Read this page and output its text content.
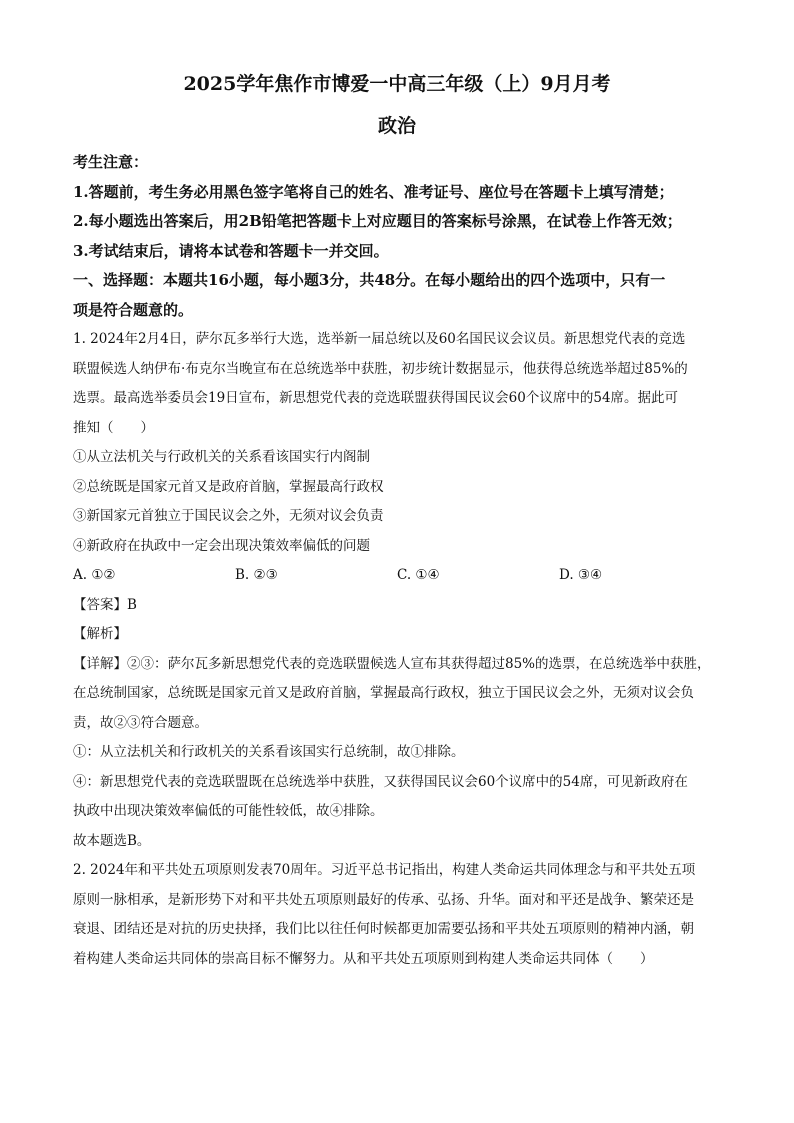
2025学年焦作市博爱一中高三年级（上）9月月考
政治
考生注意：
1.答题前，考生务必用黑色签字笔将自己的姓名、准考证号、座位号在答题卡上填写清楚；
2.每小题选出答案后，用2B铅笔把答题卡上对应题目的答案标号涂黑，在试卷上作答无效；
3.考试结束后，请将本试卷和答题卡一并交回。
一、选择题：本题共16小题，每小题3分，共48分。在每小题给出的四个选项中，只有一
项是符合题意的。
1. 2024年2月4日，萨尔瓦多举行大选，选举新一届总统以及60名国民议会议员。新思想党代表的竞选
联盟候选人纳伊布·布克尔当晚宣布在总统选举中获胜，初步统计数据显示，他获得总统选举超过85%的
选票。最高选举委员会19日宣布，新思想党代表的竞选联盟获得国民议会60个议席中的54席。据此可
推知（　　）
①从立法机关与行政机关的关系看该国实行内阁制
②总统既是国家元首又是政府首脑，掌握最高行政权
③新国家元首独立于国民议会之外，无须对议会负责
④新政府在执政中一定会出现决策效率偏低的问题
A. ①②	B. ②③	C. ①④	D. ③④
【答案】B
【解析】
【详解】②③：萨尔瓦多新思想党代表的竞选联盟候选人宣布其获得超过85%的选票，在总统选举中获胜，
在总统制国家，总统既是国家元首又是政府首脑，掌握最高行政权，独立于国民议会之外，无须对议会负
责，故②③符合题意。
①：从立法机关和行政机关的关系看该国实行总统制，故①排除。
④：新思想党代表的竞选联盟既在总统选举中获胜，又获得国民议会60个议席中的54席，可见新政府在
执政中出现决策效率偏低的可能性较低，故④排除。
故本题选B。
2. 2024年和平共处五项原则发表70周年。习近平总书记指出，构建人类命运共同体理念与和平共处五项
原则一脉相承，是新形势下对和平共处五项原则最好的传承、弘扬、升华。面对和平还是战争、繁荣还是
衰退、团结还是对抗的历史抉择，我们比以往任何时候都更加需要弘扬和平共处五项原则的精神内涵，朝
着构建人类命运共同体的崇高目标不懈努力。从和平共处五项原则到构建人类命运共同体（　　）
